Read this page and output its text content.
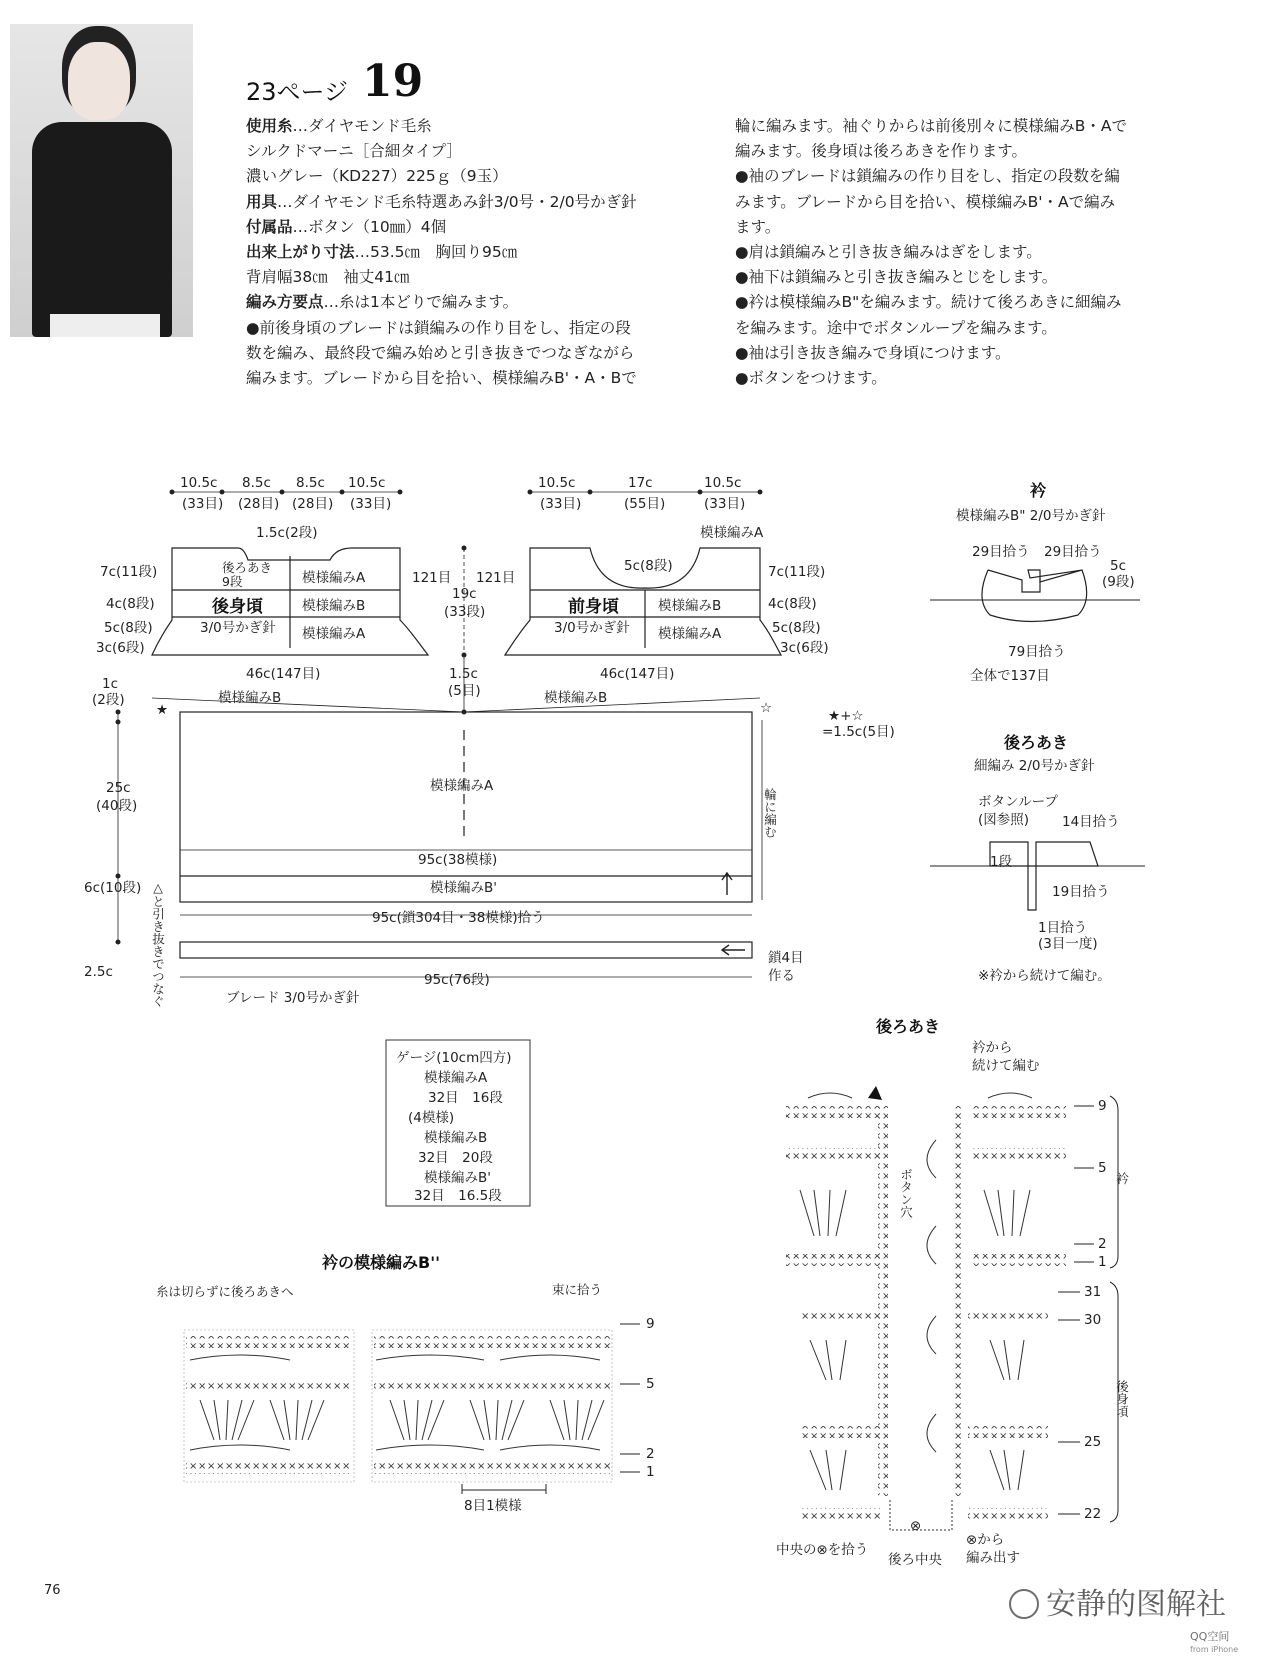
23ページ 19
使用糸…ダイヤモンド毛糸
シルクドマーニ［合細タイプ］
濃いグレー（KD227）225ｇ（9玉）
用具…ダイヤモンド毛糸特選あみ針3/0号・2/0号かぎ針
付属品…ボタン（10㎜）4個
出来上がり寸法…53.5㎝　胸回り95㎝
背肩幅38㎝　袖丈41㎝
編み方要点…糸は1本どりで編みます。
●前後身頃のブレードは鎖編みの作り目をし、指定の段
数を編み、最終段で編み始めと引き抜きでつなぎながら
編みます。ブレードから目を拾い、模様編みB'・A・Bで
輪に編みます。袖ぐりからは前後別々に模様編みB・Aで
編みます。後身頃は後ろあきを作ります。
●袖のブレードは鎖編みの作り目をし、指定の段数を編
みます。ブレードから目を拾い、模様編みB'・Aで編み
ます。
●肩は鎖編みと引き抜き編みはぎをします。
●袖下は鎖編みと引き抜き編みとじをします。
●衿は模様編みB"を編みます。続けて後ろあきに細編み
を編みます。途中でボタンループを編みます。
●袖は引き抜き編みで身頃につけます。
●ボタンをつけます。
10.5c 8.5c 8.5c 10.5c
(33目) (28目) (28目) (33目)
1.5c(2段)
後ろあき
9段	模様編みA
後身頃	模様編みB
3/0号かぎ針 模様編みA
7c(11段)
4c(8段)
5c(8段)
3c(6段)
121目
46c(147目)
模様編みB
10.5c	17c	10.5c
(33目)	(55目)	(33目)
模様編みA
5c(8段)
121目
前身頃	模様編みB
3/0号かぎ針 模様編みA
7c(11段)
4c(8段)
5c(8段)
3c(6段)
46c(147目)
模様編みB
19c
(33段)
1.5c
(5目)
1c
(2段)
25c
(40段)
6c(10段)
2.5c	△と引き抜きでつなぐ
★	☆	★+☆
=1.5c(5目)
模様編みA
95c(38模様)
模様編みB'
95c(鎖304目・38模様)拾う
輪に編む
95c(76段)
ブレード 3/0号かぎ針
鎖4目
作る
衿
模様編みB" 2/0号かぎ針
29目拾う 29目拾う
5c
(9段)
79目拾う
全体で137目
後ろあき
細編み 2/0号かぎ針
ボタンループ
(図参照) 14目拾う
1段
19目拾う
1目拾う
(3目一度)
※衿から続けて編む。
ゲージ(10cm四方)
模様編みA
32目　16段
(4模様)
模様編みB
32目　20段
模様編みB'
32目　16.5段
衿の模様編みB''
糸は切らずに後ろあきへ	束に拾う
9
5
2
1
8目1模様
後ろあき
衿から
続けて編む
ボタン穴
9
5
2
1
衿
31
30
25
22
後身頃
⊗
中央の⊗を拾う
後ろ中央
⊗から
編み出す
76	安静的图解社
QQ空间
from iPhone
